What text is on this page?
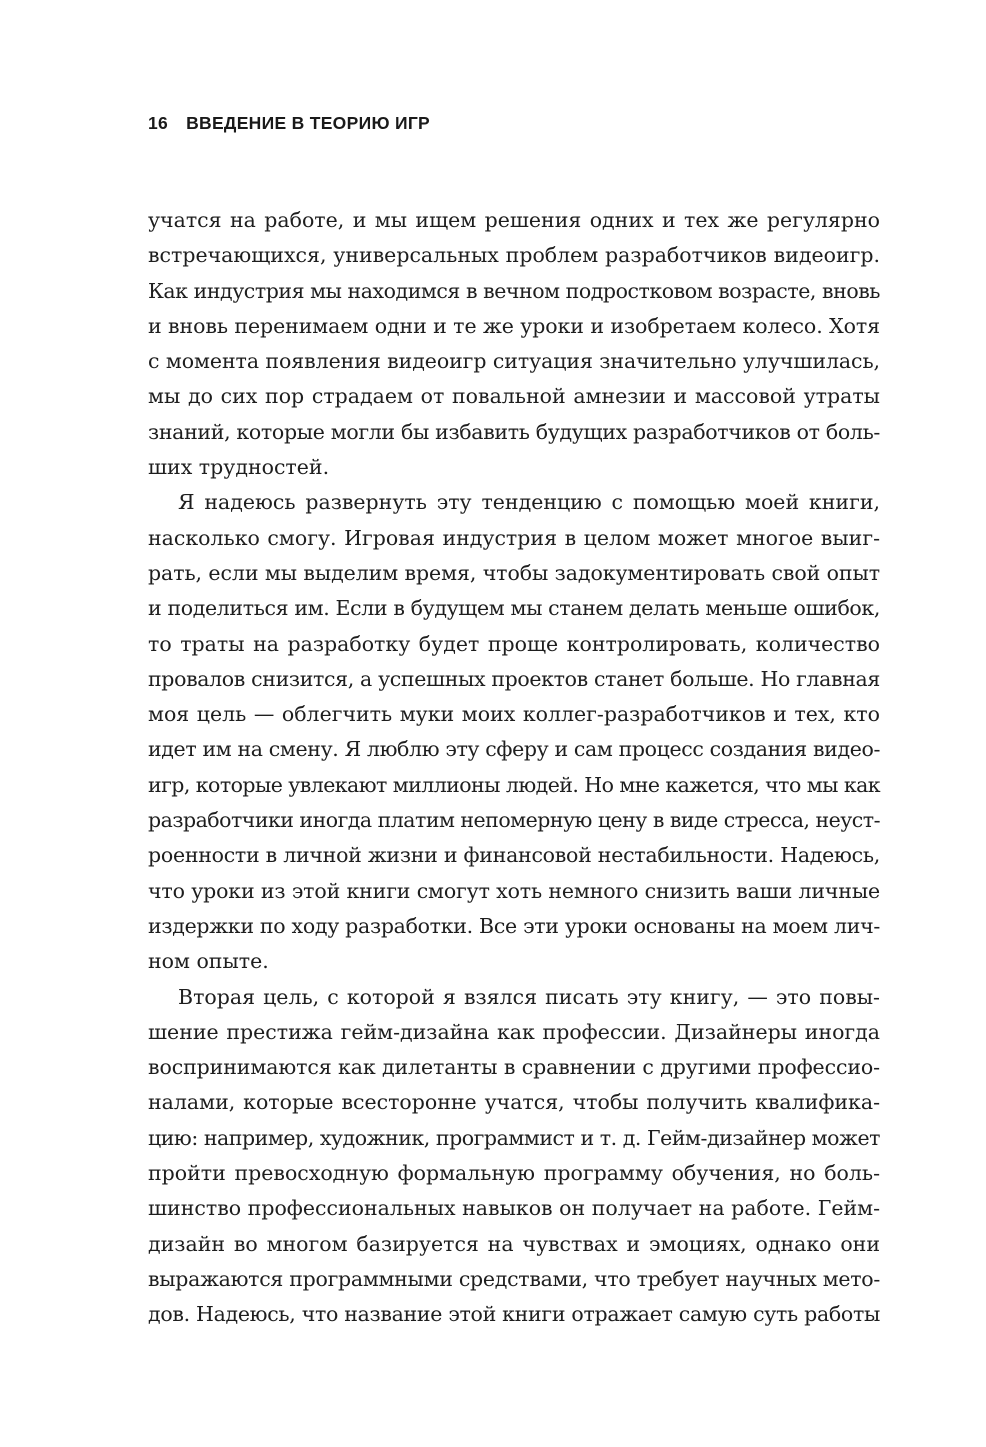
16 ВВЕДЕНИЕ В ТЕОРИЮ ИГР
учатся на работе, и мы ищем решения одних и тех же регулярно
встречающихся, универсальных проблем разработчиков видеоигр.
Как индустрия мы находимся в вечном подростковом возрасте, вновь
и вновь перенимаем одни и те же уроки и изобретаем колесо. Хотя
с момента появления видеоигр ситуация значительно улучшилась,
мы до сих пор страдаем от повальной амнезии и массовой утраты
знаний, которые могли бы избавить будущих разработчиков от боль-
ших трудностей.
Я надеюсь развернуть эту тенденцию с помощью моей книги,
насколько смогу. Игровая индустрия в целом может многое выиг-
рать, если мы выделим время, чтобы задокументировать свой опыт
и поделиться им. Если в будущем мы станем делать меньше ошибок,
то траты на разработку будет проще контролировать, количество
провалов снизится, а успешных проектов станет больше. Но главная
моя цель — облегчить муки моих коллег-разработчиков и тех, кто
идет им на смену. Я люблю эту сферу и сам процесс создания видео-
игр, которые увлекают миллионы людей. Но мне кажется, что мы как
разработчики иногда платим непомерную цену в виде стресса, неуст-
роенности в личной жизни и финансовой нестабильности. Надеюсь,
что уроки из этой книги смогут хоть немного снизить ваши личные
издержки по ходу разработки. Все эти уроки основаны на моем лич-
ном опыте.
Вторая цель, с которой я взялся писать эту книгу, — это повы-
шение престижа гейм-дизайна как профессии. Дизайнеры иногда
воспринимаются как дилетанты в сравнении с другими профессио-
налами, которые всесторонне учатся, чтобы получить квалифика-
цию: например, художник, программист и т. д. Гейм-дизайнер может
пройти превосходную формальную программу обучения, но боль-
шинство профессиональных навыков он получает на работе. Гейм-
дизайн во многом базируется на чувствах и эмоциях, однако они
выражаются программными средствами, что требует научных мето-
дов. Надеюсь, что название этой книги отражает самую суть работы
